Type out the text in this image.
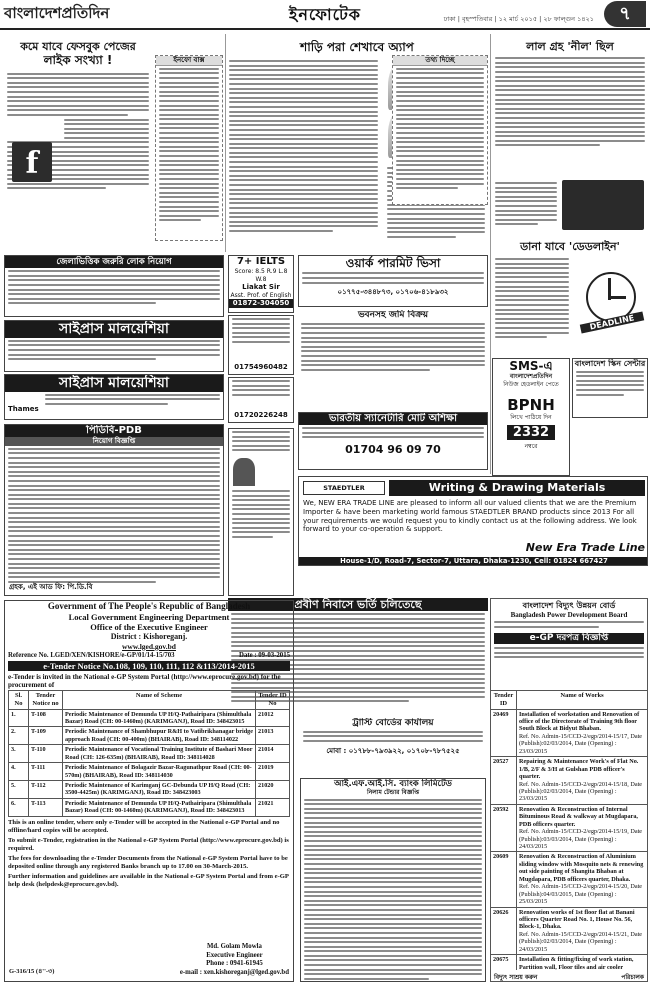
বাংলাদেশপ্রতিদিন	ইনফোটেক	ঢাকা | বৃহস্পতিবার | ১২ মার্চ ২০১৫ | ২৮ ফাল্গুন ১৪২১	৭
কমে যাবে ফেসবুক পেজের
লাইক সংখ্যা !
f
ইনফো বাক্স
শাড়ি পরা শেখাবে অ্যাপ
তথ্য দিচ্ছে
লাল গ্রহ 'নীল' ছিল
ডানা যাবে 'ডেডলাইন'
DEADLINE
জেলাভিত্তিক জরুরি লোক নিয়োগ	7+ IELTS
Score: 8.5 R.9 L.8 W.8
Liakat Sir
Asst. Prof. of English
01872-304050
ওয়ার্ক পারমিট ভিসা
০১৭৭৫-৩৪৪৮৭৩, ০১৭০৬-৪১৮৯৩২
SMS-এ
বাংলাদেশপ্রতিদিন
নিউজ হেডলাইন পেতে
BPNH
লিখে পাঠিয়ে দিন
2332
নম্বরে
বাংলাদেশ স্কিন সেন্টার
সাইপ্রাস মালয়েশিয়া
সাইপ্রাস মালয়েশিয়া
Thames
01754960482
01720226248
ভবনসহ জমি বিক্রয়
ভারতীয় স্যানেটারি মোট অশিক্ষা
01704 96 09 70
পিডিবি-PDB
নিয়োগ বিজ্ঞপ্তি
গ্রহক, এই আড ফি: পি.ডি.বি
STAEDTLER	Writing & Drawing Materials
We, NEW ERA TRADE LINE are pleased to inform all our valued clients that we are the Premium Importer & have been marketing world famous STAEDTLER BRAND products since 2013 For all your requirements we would request you to kindly contact us at the following address. We look forward to your co-operation & support.
New Era Trade Line
House-1/D, Road-7, Sector-7, Uttara, Dhaka-1230, Cell: 01824 667427
প্রবীণ নিবাসে ভর্তি চলিতেছে
ট্রাস্টি বোর্ডের কার্যালয়
মোবা : ০১৭৮৮-৭৯৩৯২২, ০১৭০৮-৭৮৭৫২৫
আই.এফ.আই.সি. ব্যাংক লিমিটেড
নিলাম টেন্ডার বিজ্ঞপ্তি
Government of The People's Republic of Bangladesh
Local Government Engineering Department
Office of the Executive Engineer
District : Kishoreganj.
www.lged.gov.bd
Reference No. LGED/XEN/KISHORE/e-GP/01/14-15/703	Date : 09-03-2015
e-Tender Notice No.108, 109, 110, 111, 112 &113/2014-2015
e-Tender is invited in the National e-GP System Portal (http://www.eprocure.gov.bd) for the procurement of
Sl. No	Tender Notice no	Name of Scheme	Tender ID No
1.	T-108	Periodic Maintenance of Demunda UP H/Q-Pathairipara (Shimulthala Bazar) Road (CH: 00-1460m) (KARIMGANJ), Road ID: 348423015	21012
2.	T-109	Periodic Maintenance of Shambhupur R&H to Vatibrikhanagar bridge approach Road (CH: 00-400m) (BHAIRAB), Road ID: 348114022	21013
3.	T-110	Periodic Maintenance of Vocational Training Institute of Bashari Moor Road (CH: 126-635m) (BHAIRAB), Road ID: 348114028	21014
4.	T-111	Periodic Maintenance of Bolagazir Bazar-Ragunathpur Road (CH: 00-570m) (BHAIRAB), Road ID: 348114030	21019
5.	T-112	Periodic Maintenance of Karimganj GC-Debunda UP H/Q Road (CH: 3500-4425m) (KARIMGANJ), Road ID: 348423003	21020
6.	T-113	Periodic Maintenance of Demunda UP H/Q-Pathairipara (Shimulthala Bazar) Road (CH: 00-1460m) (KARIMGANJ), Road ID: 348423013	21021

This is an online tender, where only e-Tender will be accepted in the National e-GP Portal and no offline/hard copies will be accepted.

To submit e-Tender, registration in the National e-GP System Portal (http://www.eprocure.gov.bd) is required.

The fees for downloading the e-Tender Documents from the National e-GP System Portal have to be deposited online through any registered Banks branch up to 17.00 on 30-March-2015.

Further information and guidelines are available in the National e-GP System Portal and from e-GP help desk (helpdesk@eprocure.gov.bd).

Md. Golam Mowla
Executive Engineer
Phone : 0941-61945
e-mail : xen.kishoreganj@lged.gov.bd
G-316/15 (৪''-৩)
বাংলাদেশ বিদ্যুৎ উন্নয়ন বোর্ড
Bangladesh Power Development Board
e-GP দরপত্র বিজ্ঞপ্তি
Tender ID	Name of Works
20469	Installation of workstation and Renovation of office of the Directorate of Training 9th floor South Block at Bidyut Bhaban.
Ref. No. Admin-15/CCD-2/egp/2014-15/17, Date (Publish):02/03/2014, Date (Opening) : 23/03/2015

20527	Repairing & Maintenance Work's of Flat No. 1/B, 2/F & 3/H at Gulshan PDB officer's quarter.
Ref. No. Admin-15/CCD-2/egp/2014-15/18, Date (Publish):02/03/2014, Date (Opening) : 23/03/2015

20592	Renovation & Reconstruction of Internal Bituminous Road & walkway at Mugdapara, PDB officers quarter.
Ref. No. Admin-15/CCD-2/egp/2014-15/19, Date (Publish):03/03/2014, Date (Opening) : 24/03/2015

20609	Renovation & Reconstruction of Aluminium sliding window with Mosquito nets & renewing out side painting of Shangita Bhaban at Mugdapara, PDB officers quarter, Dhaka.
Ref. No. Admin-15/CCD-2/egp/2014-15/20, Date (Publish):04/03/2015, Date (Opening) : 25/03/2015

20626	Renovation works of 1st floor flat at Banani officers Quarter Road No. 1, House No. 56, Block-1, Dhaka.
Ref. No. Admin-15/CCD-2/egp/2014-15/21, Date (Publish):02/03/2014, Date (Opening) : 24/03/2015

20675	Installation & fitting/fixing of work station, Partition wall, Floor tiles and air cooler

বিদ্যুৎ সাশ্রয় করুন	পরিচালক
